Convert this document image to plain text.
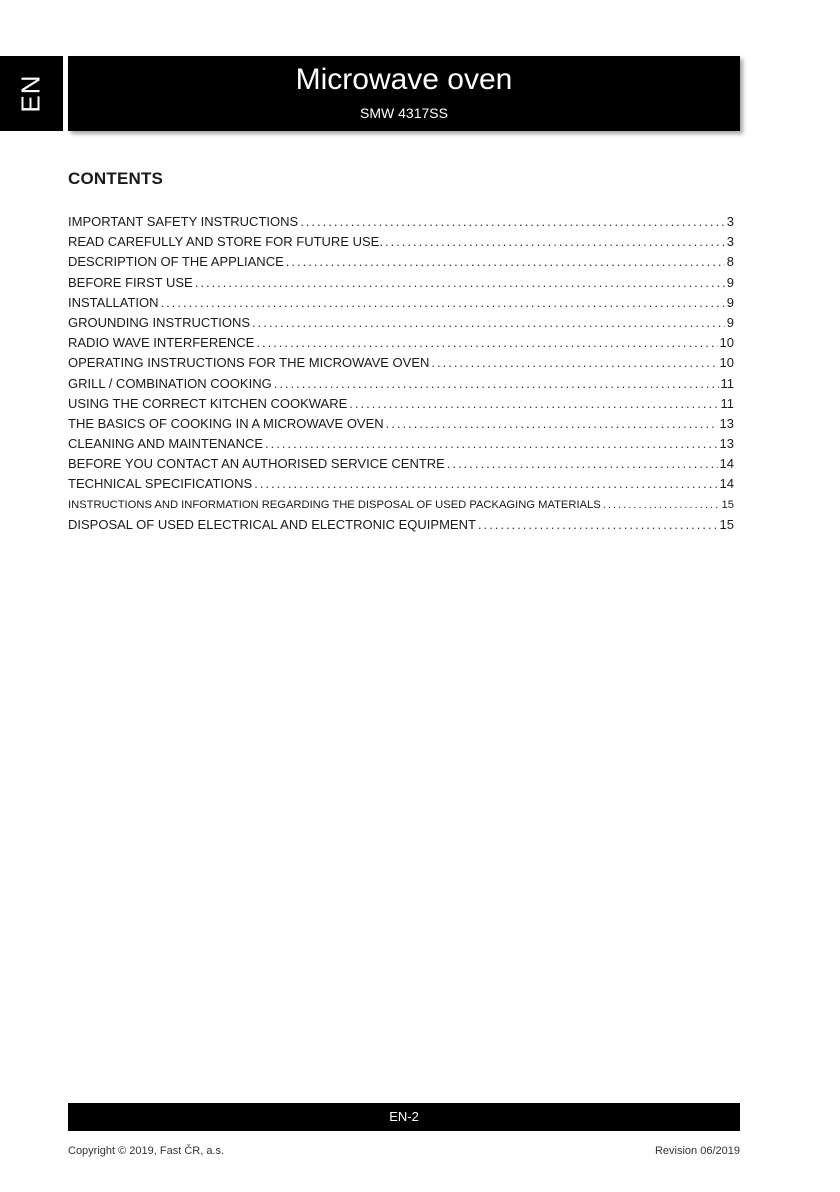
EN	Microwave oven
SMW 4317SS
CONTENTS
IMPORTANT SAFETY INSTRUCTIONS .....	3
READ CAREFULLY AND STORE FOR FUTURE USE. .....	3
DESCRIPTION OF THE APPLIANCE .....	8
BEFORE FIRST USE .....	9
INSTALLATION .....	9
GROUNDING INSTRUCTIONS .....	9
RADIO WAVE INTERFERENCE .....	10
OPERATING INSTRUCTIONS FOR THE MICROWAVE OVEN .....	10
GRILL / COMBINATION COOKING .....	11
USING THE CORRECT KITCHEN COOKWARE .....	11
THE BASICS OF COOKING IN A MICROWAVE OVEN .....	13
CLEANING AND MAINTENANCE .....	13
BEFORE YOU CONTACT AN AUTHORISED SERVICE CENTRE .....	14
TECHNICAL SPECIFICATIONS .....	14
INSTRUCTIONS AND INFORMATION REGARDING THE DISPOSAL OF USED PACKAGING MATERIALS .....	15
DISPOSAL OF USED ELECTRICAL AND ELECTRONIC EQUIPMENT .....	15
EN-2
Copyright © 2019, Fast ČR, a.s.	Revision 06/2019
